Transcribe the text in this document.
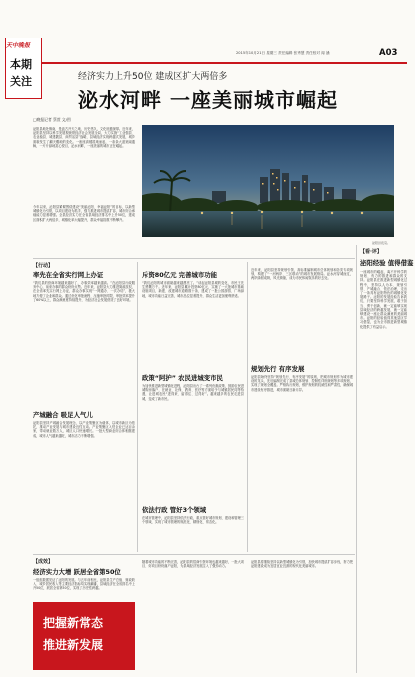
天中晚报
本期
关注
2015年10月21日 星期三 责任编辑 张秀慧 责任校对 闻 涵	A03
经济实力上升50位 建成区扩大两倍多
泌水河畔 一座美丽城市崛起
□晚报记者 蔡萱 文/图
泌阳县地处豫南，是盘古开天之地，历史悠久，文化底蕴深厚。近年来，泌阳县坚持以科学发展观统领经济社会发展全局，大力实施“工业强县、农业稳县、城建靓县、商贸活县”战略，县域经济实现跨越式发展，城乡面貌发生了翻天覆地的变化。一座座高楼拔地而起，一条条大道宽阔通畅，一片片绿地赏心悦目，泌水河畔，一座美丽的城市正在崛起。
今年以来，泌阳县紧紧围绕建设“美丽泌阳、幸福泌阳”的目标，以新型城镇化为引领，以项目建设为抓手，强力推进城市提质扩容，城市综合承载能力显著增强。全县经济实力在全省县域经济排名中上升50位，建成区面积扩大两倍多，城镇化率大幅提升，群众幸福指数不断攀升。
泌阳县夜景。
【行动】
率先在全省实行网上办证
“我们县的营商环境越来越好了，办事效率越来越高。”在泌阳县行政服务中心，前来办事的群众纷纷点赞。近年来，泌阳县大力推进简政放权，在全省率先实行网上办证，群众办事实现“一网通办、一次办结”，极大地方便了企业和群众。通过优化审批流程、压缩审批时限，审批效率提升了60%以上，群众满意度持续提升，为经济社会发展营造了良好环境。
产城融合 吸足人气儿
泌阳县坚持产城融合发展理念，以产业集聚区为载体，以城市新区为依托，推动产业发展与城市建设良性互动。产业集聚区入驻企业已达百余家，带动就业数万人，城区人口快速增长。一批大型商业综合体相继建成，城市人气越来越旺，城市活力不断增强。
斥资80亿元 完善城市功能
“我们泌阳的城市面貌越来越漂亮了。”谈起泌阳县城的变化，市民王先生感慨万千。近年来，泌阳县累计投资80亿元，实施了一大批城市基础设施项目，新建、改建城市道路数十条，建成了一批公园游园、广场绿地，城市功能日益完善，城市品位显著提升，群众生活更加便利舒适。
政策“阿护” 农民进城变市民
为加快推进新型城镇化进程，泌阳县出台了一系列优惠政策，鼓励农民进城购房落户，在就业、社保、教育、医疗等方面给予与城镇居民同等待遇，让进城农民“进得来、留得住、过得好”。越来越多的农民走进县城，变成了新市民。
依法行政 管好3个领域
在城市管理中，泌阳县坚持依法行政，重点管好城市规划、建设和管理三个领域，实现了城市管理的规范化、精细化、常态化。
近年来，泌阳县坚持规划引领，高标准编制城市总体规划和各类专项规划，构建了“一河两岸、三区联动”的城市发展格局。泌水河穿城而过，两岸绿树成荫，风光旖旎，成为市民休闲娱乐的好去处。
规划先行 有序发展
泌阳县始终坚持“规划先行、有序发展”的原则，把城市规划作为城市建设的龙头，先后编制完成了县城总体规划、控制性详细规划等多项规划，实现了规划全覆盖。严格执行规划，维护规划的权威性和严肃性，确保城市建设有序推进，城市面貌日新月异。
【看·评】
泌阳经验 值得借鉴
一座城市的崛起，离不开科学的规划、有力的推进和群众的支持。泌阳县在推进新型城镇化过程中，坚持以人为本、规划引领、产城融合、依法治理，走出了一条具有泌阳特色的城镇化发展路子。泌阳的发展经验告诉我们，只要坚持科学发展，敢于担当、勇于创新，就一定能够实现县域经济的跨越发展，就一定能够建设一座让群众满意的美丽城市。泌阳的经验值得其他县区学习借鉴，也为全市推进新型城镇化提供了有益启示。
【成效】
经济实力大增 跃居全省第50位
一组组数据见证了泌阳的发展。与五年前相比，泌阳县生产总值、财政收入、城乡居民收入等主要经济指标均实现翻番，县域经济在全省排名中上升50位，跃居全省第50位，实现了历史性跨越。
把握新常态
推进新发展
随着城市功能的不断完善，泌阳县的招商引资环境也越来越好，一批大项目、好项目纷纷落户泌阳，为县域经济发展注入了强劲动力。
泌阳县将继续坚持以新型城镇化为引领，加快城市提质扩容步伐，努力把泌阳建设成为宜居宜业宜游的现代化美丽城市。
